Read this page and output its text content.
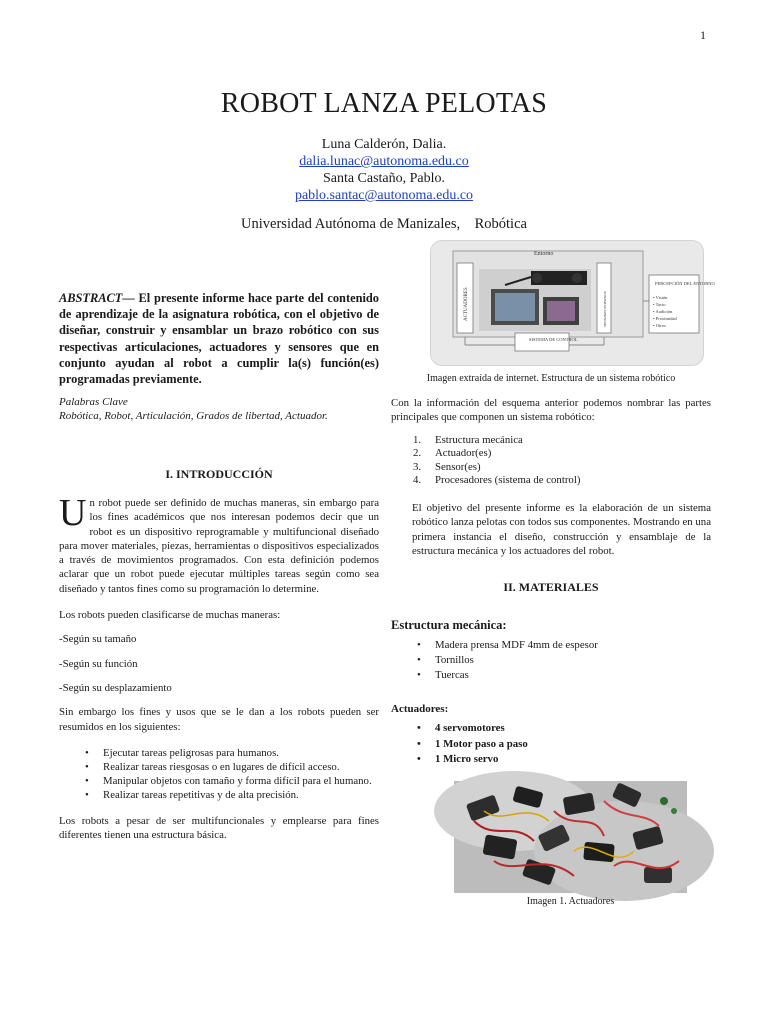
1
ROBOT LANZA PELOTAS
Luna Calderón, Dalia.
dalia.lunac@autonoma.edu.co
Santa Castaño, Pablo.
pablo.santac@autonoma.edu.co
Universidad Autónoma de Manizales,    Robótica
ABSTRACT— El presente informe hace parte del contenido de aprendizaje de la asignatura robótica, con el objetivo de diseñar, construir y ensamblar un brazo robótico con sus respectivas articulaciones, actuadores y sensores que en conjunto ayudan al robot a cumplir la(s) función(es) programadas previamente.
Palabras Clave
Robótica, Robot, Articulación, Grados de libertad, Actuador.
I. INTRODUCCIÓN
Un robot puede ser definido de muchas maneras, sin embargo para los fines académicos que nos interesan podemos decir que un robot es un dispositivo reprogramable y multifuncional diseñado para mover materiales, piezas, herramientas o dispositivos especializados a través de movimientos programados. Con esta definición podemos aclarar que un robot puede ejecutar múltiples tareas según como sea diseñado y tantos fines como su programación lo determine.
Los robots pueden clasificarse de muchas maneras:
-Según su tamaño
-Según su función
-Según su desplazamiento
Sin embargo los fines y usos que se le dan a los robots pueden ser resumidos en los siguientes:
• Ejecutar tareas peligrosas para humanos.
• Realizar tareas riesgosas o en lugares de difícil acceso.
• Manipular objetos con tamaño y forma difícil para el humano.
• Realizar tareas repetitivas y de alta precisión.
Los robots a pesar de ser multifuncionales y emplearse para fines diferentes tienen una estructura básica.
Entorno
ACTUADORES	SENSORES INTERNOS
SISTEMA DE CONTROL
PERCEPCIÓN DEL ENTORNO
• Visión
• Tacto
• Audición
• Proximidad
• Otros
Imagen extraída de internet. Estructura de un sistema robótico
Con la información del esquema anterior podemos nombrar las partes principales que componen un sistema robótico:
1. Estructura mecánica
2. Actuador(es)
3. Sensor(es)
4. Procesadores (sistema de control)
El objetivo del presente informe es la elaboración de un sistema robótico lanza pelotas con todos sus componentes. Mostrando en una primera instancia el diseño, construcción y ensamblaje de la estructura mecánica y los actuadores del robot.
II. MATERIALES
Estructura mecánica:
• Madera prensa MDF 4mm de espesor
• Tornillos
• Tuercas
Actuadores:
• 4 servomotores
• 1 Motor paso a paso
• 1 Micro servo
Imagen 1. Actuadores
